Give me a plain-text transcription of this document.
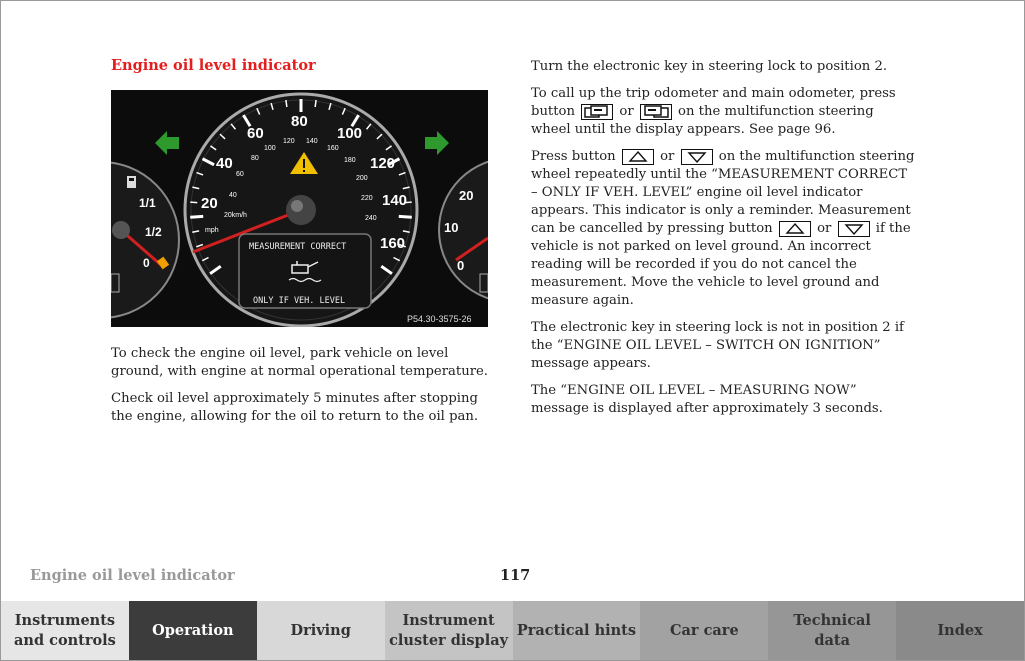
Engine oil level indicator
1/1
1/2
0
20
10
0
20
40
60
80
100
120
140
160
20km/h
40
60
80
100
120 140
160
180
200
220
240
mph
MEASUREMENT CORRECT
ONLY IF VEH. LEVEL
P54.30-3575-26

To check the engine oil level, park vehicle on level ground, with engine at normal operational temperature.

Check oil level approximately 5 minutes after stopping the engine, allowing for the oil to return to the oil pan.

Turn the electronic key in steering lock to position 2.

To call up the trip odometer and main odometer, press button	or	on the multifunction steering wheel until the display appears. See page 96.

Press button	or	on the multifunction steering wheel repeatedly until the “MEASUREMENT CORRECT – ONLY IF VEH. LEVEL” engine oil level indicator appears. This indicator is only a reminder. Measurement can be cancelled by pressing button	or	if the vehicle is not parked on level ground. An incorrect reading will be recorded if you do not cancel the measurement. Move the vehicle to level ground and measure again.

The electronic key in steering lock is not in position 2 if the “ENGINE OIL LEVEL – SWITCH ON IGNITION” message appears.

The “ENGINE OIL LEVEL – MEASURING NOW” message is displayed after approximately 3 seconds.

Engine oil level indicator	117
Instruments
and controls
Operation	Driving
Instrument
cluster display
Practical hints	Car care
Technical
data
Index
